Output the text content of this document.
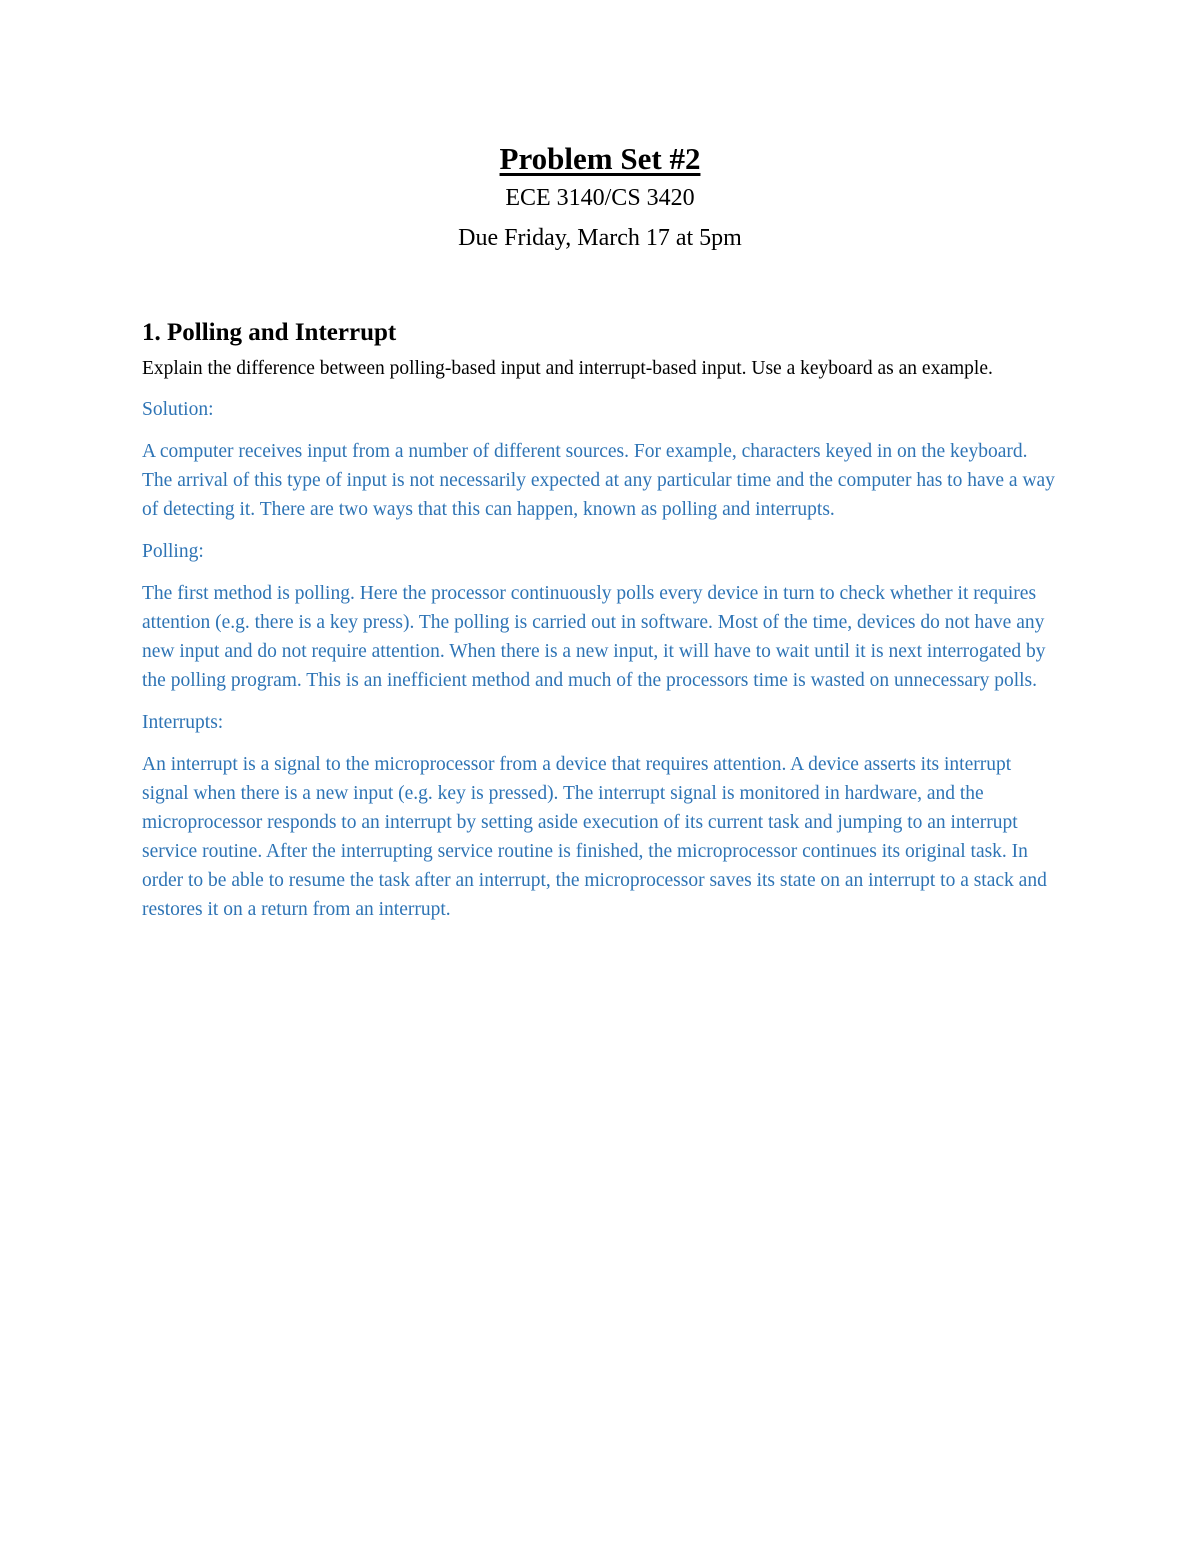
Problem Set #2

ECE 3140/CS 3420

Due Friday, March 17 at 5pm

1. Polling and Interrupt

Explain the difference between polling-based input and interrupt-based input. Use a keyboard as an example.

Solution:

A computer receives input from a number of different sources. For example, characters keyed in on the keyboard. The arrival of this type of input is not necessarily expected at any particular time and the computer has to have a way of detecting it. There are two ways that this can happen, known as polling and interrupts.

Polling:

The first method is polling. Here the processor continuously polls every device in turn to check whether it requires attention (e.g. there is a key press). The polling is carried out in software. Most of the time, devices do not have any new input and do not require attention. When there is a new input, it will have to wait until it is next interrogated by the polling program. This is an inefficient method and much of the processors time is wasted on unnecessary polls.

Interrupts:

An interrupt is a signal to the microprocessor from a device that requires attention. A device asserts its interrupt signal when there is a new input (e.g. key is pressed). The interrupt signal is monitored in hardware, and the microprocessor responds to an interrupt by setting aside execution of its current task and jumping to an interrupt service routine. After the interrupting service routine is finished, the microprocessor continues its original task. In order to be able to resume the task after an interrupt, the microprocessor saves its state on an interrupt to a stack and restores it on a return from an interrupt.
